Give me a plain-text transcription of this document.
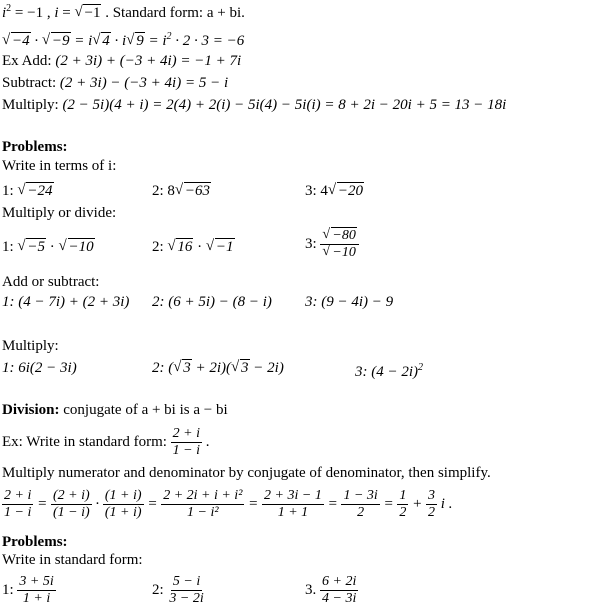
$i^2 = -1$ , i = √ −1 . Standard form: a + bi.
√ −4 · √ −9 = i √ 4 · i √ $9 = i^2 \cdot 2 \cdot 3 = -6$
Ex Add: (2 + 3i) + (−3 + 4i) = −1 + 7i
Subtract: (2 + 3i) − (−3 + 4i) = 5 − i
Multiply: (2 − 5i)(4 + i) = 2(4) + 2(i) − 5i(4) − 5i(i) = 8 + 2i − 20i + 5 = 13 − 18i
Problems:
Write in terms of i:
1: √ −24	2: 8 √ −63	3: 4 √ −20
Multiply or divide:
1: √ −5 · √ −10	2: √ 16 · √ −1	3: √ −80
√ −10
Add or subtract:
1: (4 − 7i) + (2 + 3i) 2: (6 + 5i) − (8 − i) 3: (9 − 4i) − 9
Multiply:
1: 6i(2 − 3i)	2: ( √ 3 + 2i)( √ 3 − 2i)	3: $(4 - 2i)^2$
Division: conjugate of a + bi is a − bi
Ex: Write in standard form: $\frac{2 + i}{1 - i}$ .
Multiply numerator and denominator by conjugate of denominator, then simplify.
$\frac{2 + i}{1 - i} = \frac{(2 + i)}{(1 - i)} \cdot \frac{(1 + i)}{(1 + i)} = \frac{\text{2 + 2i + i + i²}}{\text{1 − i²}} = \frac{2 + 3i - 1}{1 + 1} = \frac{1 - 3i}{2} = \frac{1}{2} + \frac{3}{2}$ i .
Problems:
Write in standard form:
1: $\frac{3 + 5i}{1 + i}$	2: $\frac{5 - i}{3 - 2i}$	3. $\frac{6 + 2i}{4 - 3i}$
